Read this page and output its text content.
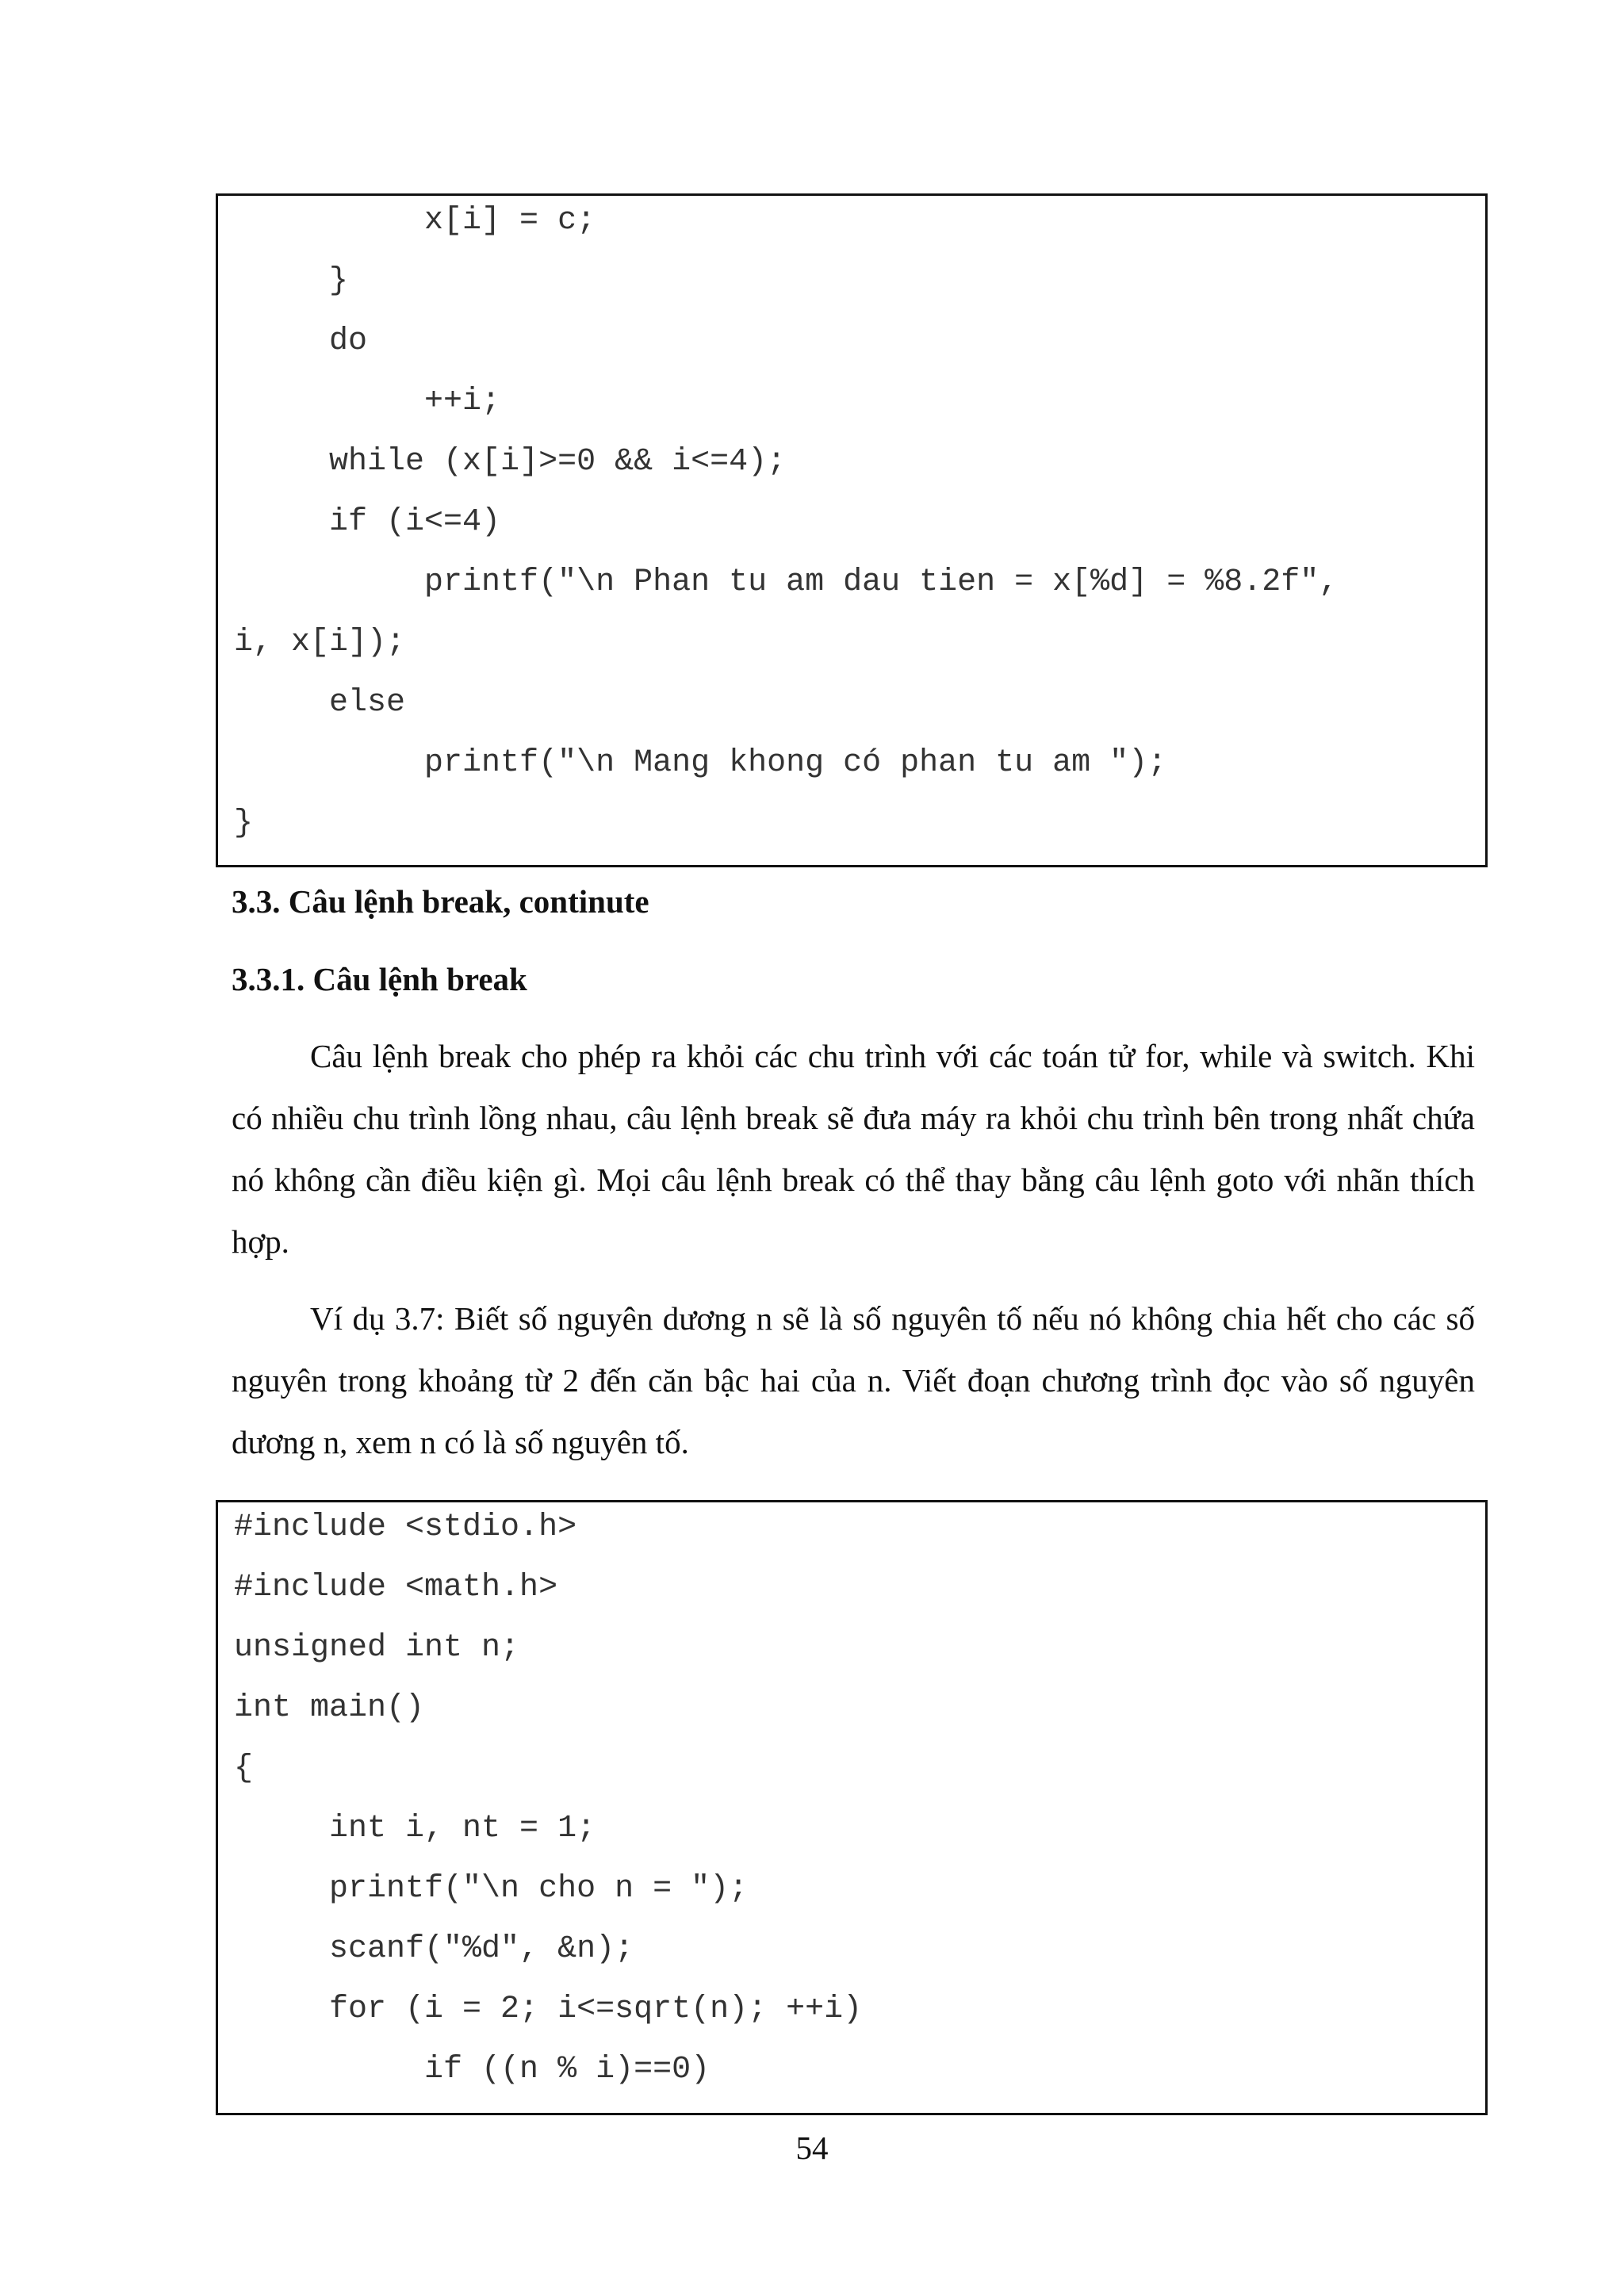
x[i] = c;
}
do
++i;
while (x[i]>=0 && i<=4);
if (i<=4)
printf("\n Phan tu am dau tien = x[%d] = %8.2f",
i, x[i]);
else
printf("\n Mang khong có phan tu am ");
}
3.3. Câu lệnh break, continute
3.3.1. Câu lệnh break

Câu lệnh break cho phép ra khỏi các chu trình với các toán tử for, while và switch. Khi có nhiều chu trình lồng nhau, câu lệnh break sẽ đưa máy ra khỏi chu trình bên trong nhất chứa nó không cần điều kiện gì. Mọi câu lệnh break có thể thay bằng câu lệnh goto với nhãn thích hợp.

Ví dụ 3.7: Biết số nguyên dương n sẽ là số nguyên tố nếu nó không chia hết cho các số nguyên trong khoảng từ 2 đến căn bậc hai của n. Viết đoạn chương trình đọc vào số nguyên dương n, xem n có là số nguyên tố.

#include <stdio.h>
#include <math.h>
unsigned int n;
int main()
{
int i, nt = 1;
printf("\n cho n = ");
scanf("%d", &n);
for (i = 2; i<=sqrt(n); ++i)
if ((n % i)==0)
54
